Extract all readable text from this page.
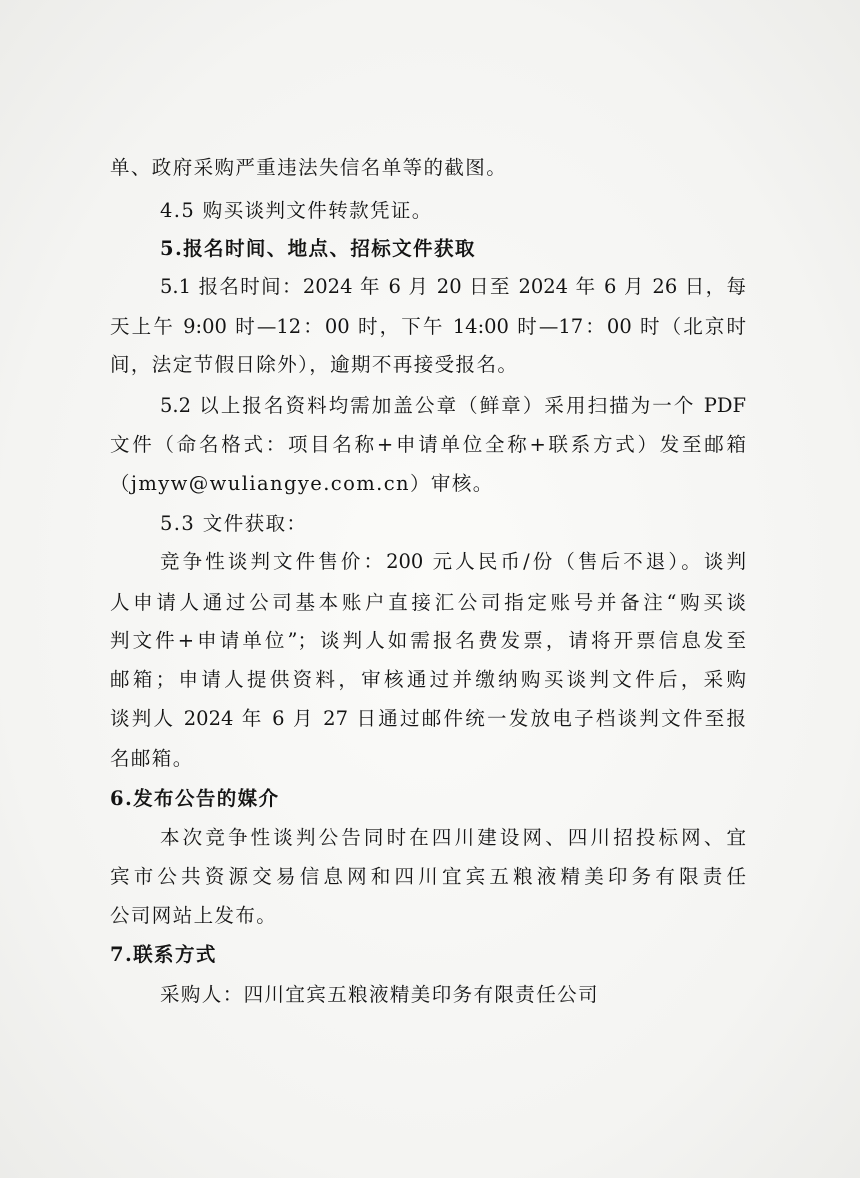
单、政府采购严重违法失信名单等的截图。
4.5 购买谈判文件转款凭证。
5.报名时间、地点、招标文件获取
5.1 报名时间：2024 年 6 月 20 日至 2024 年 6 月 26 日，每
天上午 9:00 时—12：00 时，下午 14:00 时—17：00 时（北京时
间，法定节假日除外），逾期不再接受报名。
5.2 以上报名资料均需加盖公章（鲜章）采用扫描为一个 PDF
文件（命名格式：项目名称+申请单位全称+联系方式）发至邮箱
（jmyw@wuliangye.com.cn）审核。
5.3 文件获取：
竞争性谈判文件售价：200 元人民币/份（售后不退）。谈判
人申请人通过公司基本账户直接汇公司指定账号并备注“购买谈
判文件+申请单位”；谈判人如需报名费发票，请将开票信息发至
邮箱；申请人提供资料，审核通过并缴纳购买谈判文件后，采购
谈判人 2024 年 6 月 27 日通过邮件统一发放电子档谈判文件至报
名邮箱。
6.发布公告的媒介
本次竞争性谈判公告同时在四川建设网、四川招投标网、宜
宾市公共资源交易信息网和四川宜宾五粮液精美印务有限责任
公司网站上发布。
7.联系方式
采购人：四川宜宾五粮液精美印务有限责任公司
